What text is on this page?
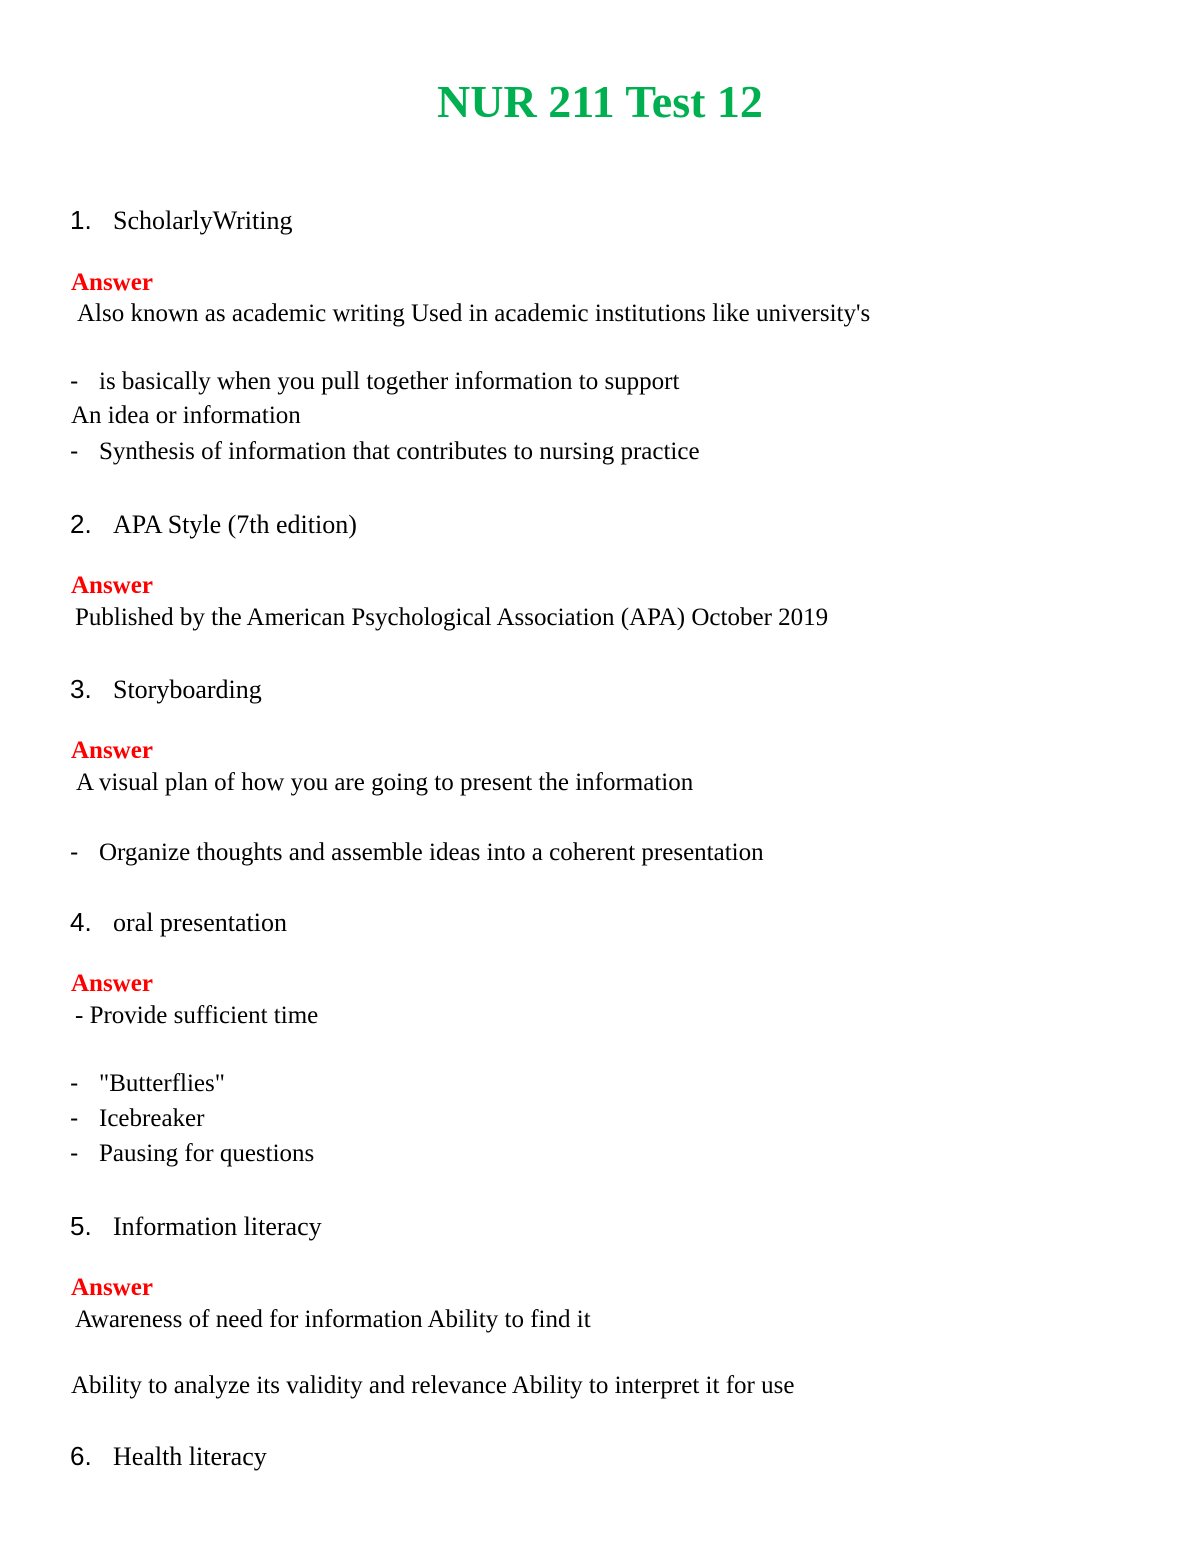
NUR 211 Test 12
1. ScholarlyWriting
Answer
Also known as academic writing Used in academic institutions like university's
- is basically when you pull together information to support
An idea or information
- Synthesis of information that contributes to nursing practice
2. APA Style (7th edition)
Answer
Published by the American Psychological Association (APA) October 2019
3. Storyboarding
Answer
A visual plan of how you are going to present the information
- Organize thoughts and assemble ideas into a coherent presentation
4. oral presentation
Answer
- Provide sufficient time
- "Butterflies"
- Icebreaker
- Pausing for questions
5. Information literacy
Answer
Awareness of need for information Ability to find it
Ability to analyze its validity and relevance Ability to interpret it for use
6. Health literacy
